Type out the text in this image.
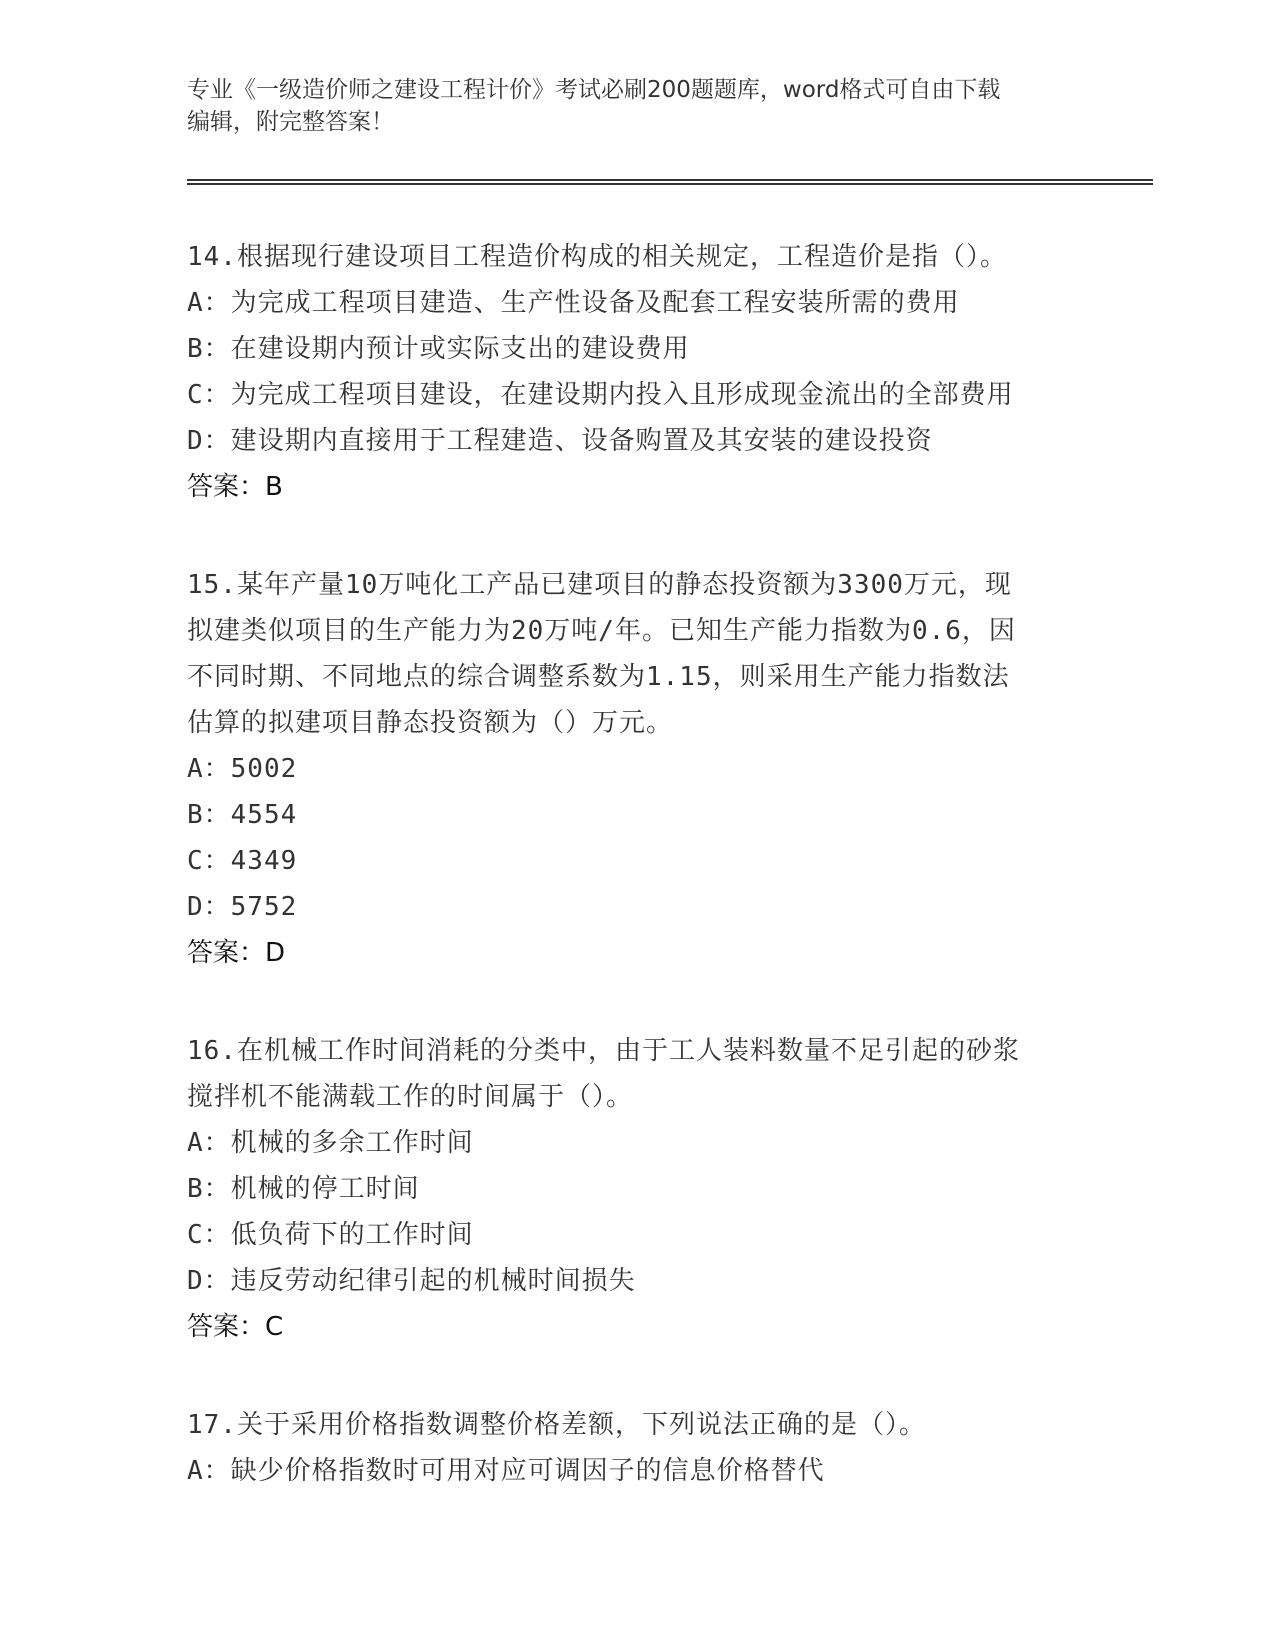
专业《一级造价师之建设工程计价》考试必刷200题题库，word格式可自由下载
编辑，附完整答案！
14.根据现行建设项目工程造价构成的相关规定，工程造价是指（）。
A：为完成工程项目建造、生产性设备及配套工程安装所需的费用
B：在建设期内预计或实际支出的建设费用
C：为完成工程项目建设，在建设期内投入且形成现金流出的全部费用
D：建设期内直接用于工程建造、设备购置及其安装的建设投资
答案：B
15.某年产量10万吨化工产品已建项目的静态投资额为3300万元，现
拟建类似项目的生产能力为20万吨/年。已知生产能力指数为0.6，因
不同时期、不同地点的综合调整系数为1.15，则采用生产能力指数法
估算的拟建项目静态投资额为（）万元。
A：5002
B：4554
C：4349
D：5752
答案：D
16.在机械工作时间消耗的分类中，由于工人装料数量不足引起的砂浆
搅拌机不能满载工作的时间属于（）。
A：机械的多余工作时间
B：机械的停工时间
C：低负荷下的工作时间
D：违反劳动纪律引起的机械时间损失
答案：C
17.关于采用价格指数调整价格差额，下列说法正确的是（）。
A：缺少价格指数时可用对应可调因子的信息价格替代
